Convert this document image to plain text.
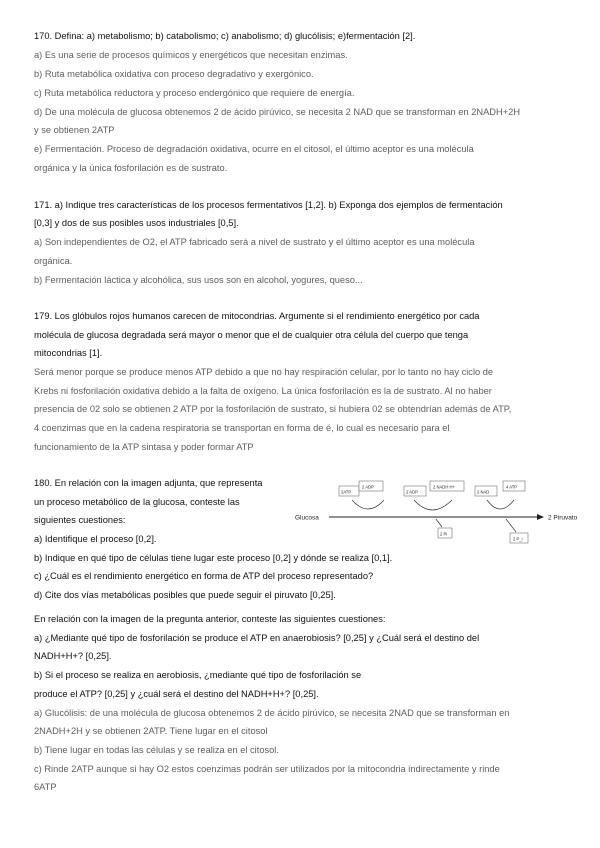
170. Defina: a) metabolismo; b) catabolismo; c) anabolismo; d) glucólisis; e)fermentación [2].
a) Es una serie de procesos químicos y energéticos que necesitan enzimas.
b) Ruta metabólica oxidativa con proceso degradativo y exergónico.
c) Ruta metabólica reductora y proceso endergónico que requiere de energía.
d) De una molécula de glucosa obtenemos 2 de ácido pirúvico, se necesita 2 NAD que se transforman en 2NADH+2H
y se obtienen 2ATP
e) Fermentación. Proceso de degradación oxidativa, ocurre en el citosol, el último aceptor es una molécula
orgánica y la única fosforilación es de sustrato.
171. a) Indique tres características de los procesos fermentativos [1,2]. b) Exponga dos ejemplos de fermentación
[0,3] y dos de sus posibles usos industriales [0,5].
a) Son independientes de O2, el ATP fabricado será a nivel de sustrato y el último aceptor es una molécula
orgánica.
b) Fermentación láctica y alcohólica, sus usos son en alcohol, yogures, queso...
179. Los glóbulos rojos humanos carecen de mitocondrias. Argumente si el rendimiento energético por cada
molécula de glucosa degradada será mayor o menor que el de cualquier otra célula del cuerpo que tenga
mitocondrias [1].
Será menor porque se produce menos ATP debido a que no hay respiración celular, por lo tanto no hay ciclo de
Krebs ni fosforilación oxidativa debido a la falta de oxígeno. La única fosforilación es la de sustrato. Al no haber
presencia de 02 solo se obtienen 2 ATP por la fosforilación de sustrato, si hubiera 02 se obtendrían además de ATP,
4 coenzimas que en la cadena respiratoria se transportan en forma de é, lo cual es necesario para el
funcionamiento de la ATP sintasa y poder formar ATP
180. En relación con la imagen adjunta, que representa
un proceso metabólico de la glucosa, conteste las
siguientes cuestiones:
a) Identifique el proceso [0,2].
b) Indique en qué tipo de células tiene lugar este proceso [0,2] y dónde se realiza [0,1].
c) ¿Cuál es el rendimiento energético en forma de ATP del proceso representado?
d) Cite dos vías metabólicas posibles que puede seguir el piruvato [0,25].
Glucosa	2 Piruvato
2ATP
2 ADP
2 ADP
2 NADH H+
2 Pi	2 P
2 NAD
4 ADP
4 ATP
2 P_i
En relación con la imagen de la pregunta anterior, conteste las siguientes cuestiones:
a) ¿Mediante qué tipo de fosforilación se produce el ATP en anaerobiosis? [0,25] y ¿Cuál será el destino del
NADH+H+? [0,25].
b) Si el proceso se realiza en aerobiosis, ¿mediante qué tipo de fosforilación se
produce el ATP? [0,25] y ¿cuál será el destino del NADH+H+? [0,25].
a) Glucólisis: de una molécula de glucosa obtenemos 2 de ácido pirúvico, se necesita 2NAD que se transforman en
2NADH+2H y se obtienen 2ATP. Tiene lugar en el citosol
b) Tiene lugar en todas las células y se realiza en el citosol.
c) Rinde 2ATP aunque si hay O2 estos coenzimas podrán ser utilizados por la mitocondria indirectamente y rinde
6ATP
